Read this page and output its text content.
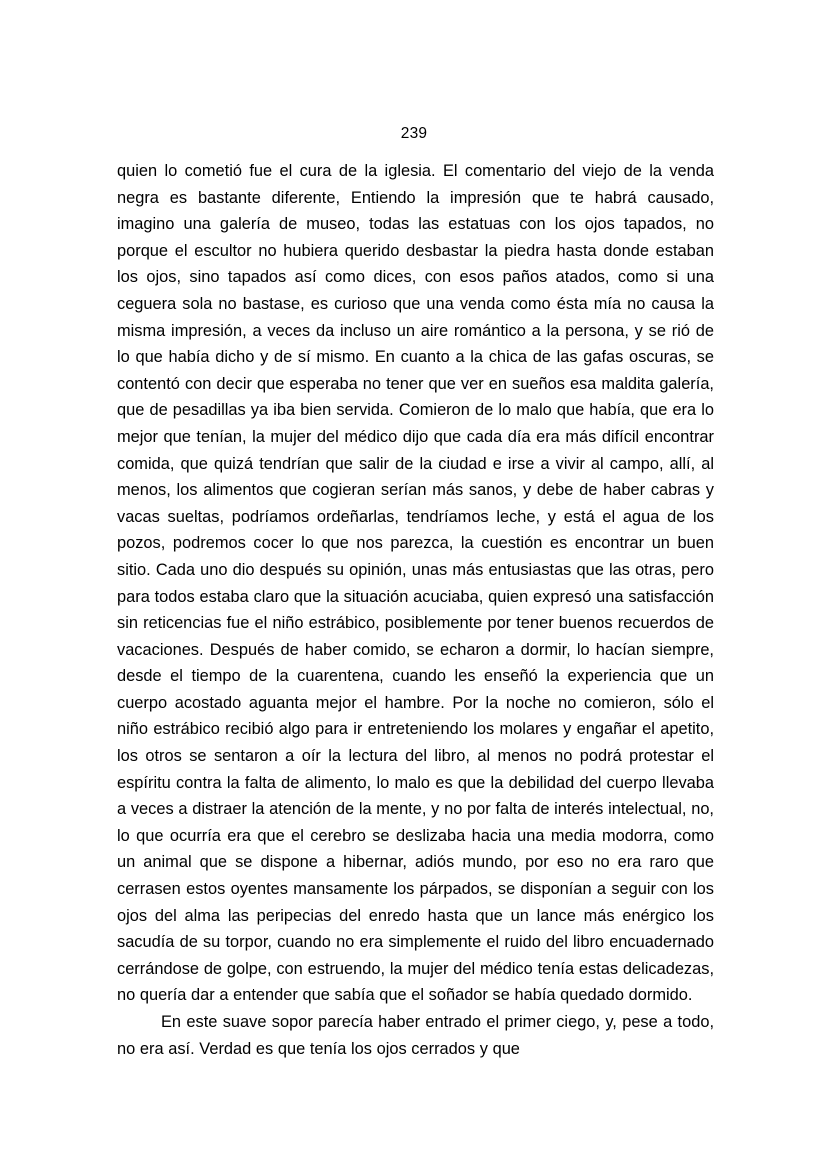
239

quien lo cometió fue el cura de la iglesia. El comentario del viejo de la venda negra es bastante diferente, Entiendo la impresión que te habrá causado, imagino una galería de museo, todas las estatuas con los ojos tapados, no porque el escultor no hubiera querido desbastar la piedra hasta donde estaban los ojos, sino tapados así como dices, con esos paños atados, como si una ceguera sola no bastase, es curioso que una venda como ésta mía no causa la misma impresión, a veces da incluso un aire romántico a la persona, y se rió de lo que había dicho y de sí mismo. En cuanto a la chica de las gafas oscuras, se contentó con decir que esperaba no tener que ver en sueños esa maldita galería, que de pesadillas ya iba bien servida. Comieron de lo malo que había, que era lo mejor que tenían, la mujer del médico dijo que cada día era más difícil encontrar comida, que quizá tendrían que salir de la ciudad e irse a vivir al campo, allí, al menos, los alimentos que cogieran serían más sanos, y debe de haber cabras y vacas sueltas, podríamos ordeñarlas, tendríamos leche, y está el agua de los pozos, podremos cocer lo que nos parezca, la cuestión es encontrar un buen sitio. Cada uno dio después su opinión, unas más entusiastas que las otras, pero para todos estaba claro que la situación acuciaba, quien expresó una satisfacción sin reticencias fue el niño estrábico, posiblemente por tener buenos recuerdos de vacaciones. Después de haber comido, se echaron a dormir, lo hacían siempre, desde el tiempo de la cuarentena, cuando les enseñó la experiencia que un cuerpo acostado aguanta mejor el hambre. Por la noche no comieron, sólo el niño estrábico recibió algo para ir entreteniendo los molares y engañar el apetito, los otros se sentaron a oír la lectura del libro, al menos no podrá protestar el espíritu contra la falta de alimento, lo malo es que la debilidad del cuerpo llevaba a veces a distraer la atención de la mente, y no por falta de interés intelectual, no, lo que ocurría era que el cerebro se deslizaba hacia una media modorra, como un animal que se dispone a hibernar, adiós mundo, por eso no era raro que cerrasen estos oyentes mansamente los párpados, se disponían a seguir con los ojos del alma las peripecias del enredo hasta que un lance más enérgico los sacudía de su torpor, cuando no era simplemente el ruido del libro encuadernado cerrándose de golpe, con estruendo, la mujer del médico tenía estas delicadezas, no quería dar a entender que sabía que el soñador se había quedado dormido.

En este suave sopor parecía haber entrado el primer ciego, y, pese a todo, no era así. Verdad es que tenía los ojos cerrados y que
